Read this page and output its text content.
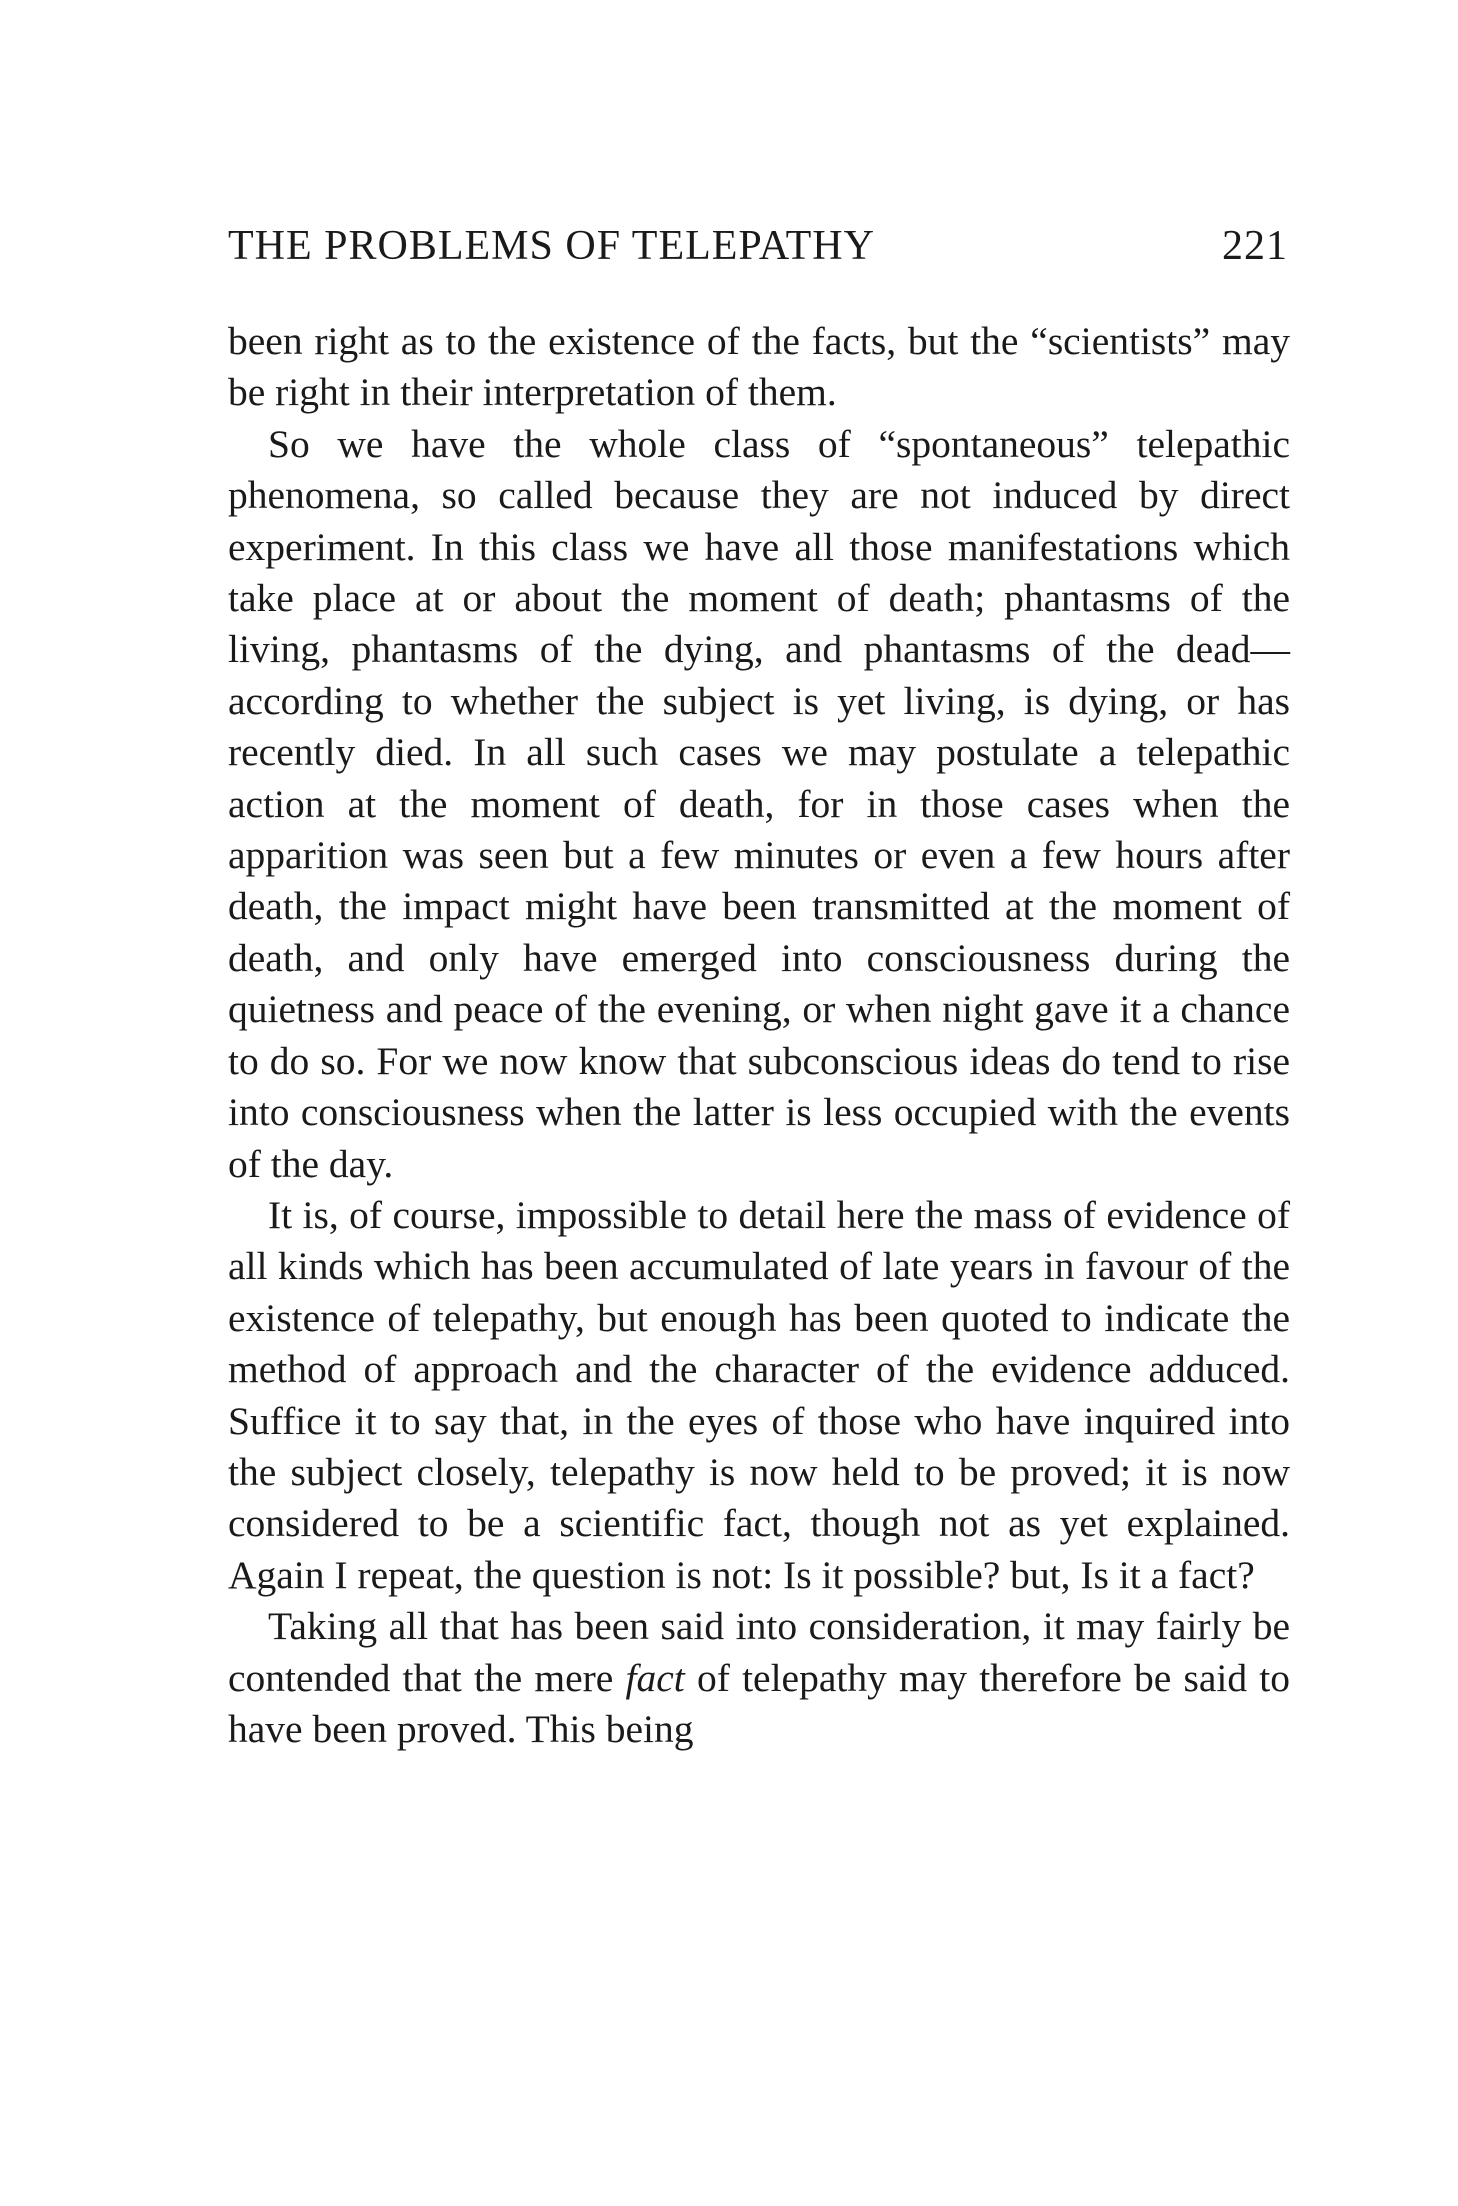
THE PROBLEMS OF TELEPATHY	221

been right as to the existence of the facts, but the “scientists” may be right in their interpretation of them.

So we have the whole class of “spontaneous” telepathic phenomena, so called because they are not induced by direct experiment. In this class we have all those manifestations which take place at or about the moment of death; phantasms of the living, phantasms of the dying, and phantasms of the dead—according to whether the subject is yet living, is dying, or has recently died. In all such cases we may postulate a telepathic action at the moment of death, for in those cases when the apparition was seen but a few minutes or even a few hours after death, the impact might have been transmitted at the moment of death, and only have emerged into consciousness during the quietness and peace of the evening, or when night gave it a chance to do so. For we now know that subconscious ideas do tend to rise into consciousness when the latter is less occupied with the events of the day.

It is, of course, impossible to detail here the mass of evidence of all kinds which has been accumulated of late years in favour of the existence of telepathy, but enough has been quoted to indicate the method of approach and the character of the evidence adduced. Suffice it to say that, in the eyes of those who have inquired into the subject closely, telepathy is now held to be proved; it is now considered to be a scientific fact, though not as yet explained. Again I repeat, the question is not: Is it possible? but, Is it a fact?

Taking all that has been said into consideration, it may fairly be contended that the mere fact of telepathy may therefore be said to have been proved. This being
